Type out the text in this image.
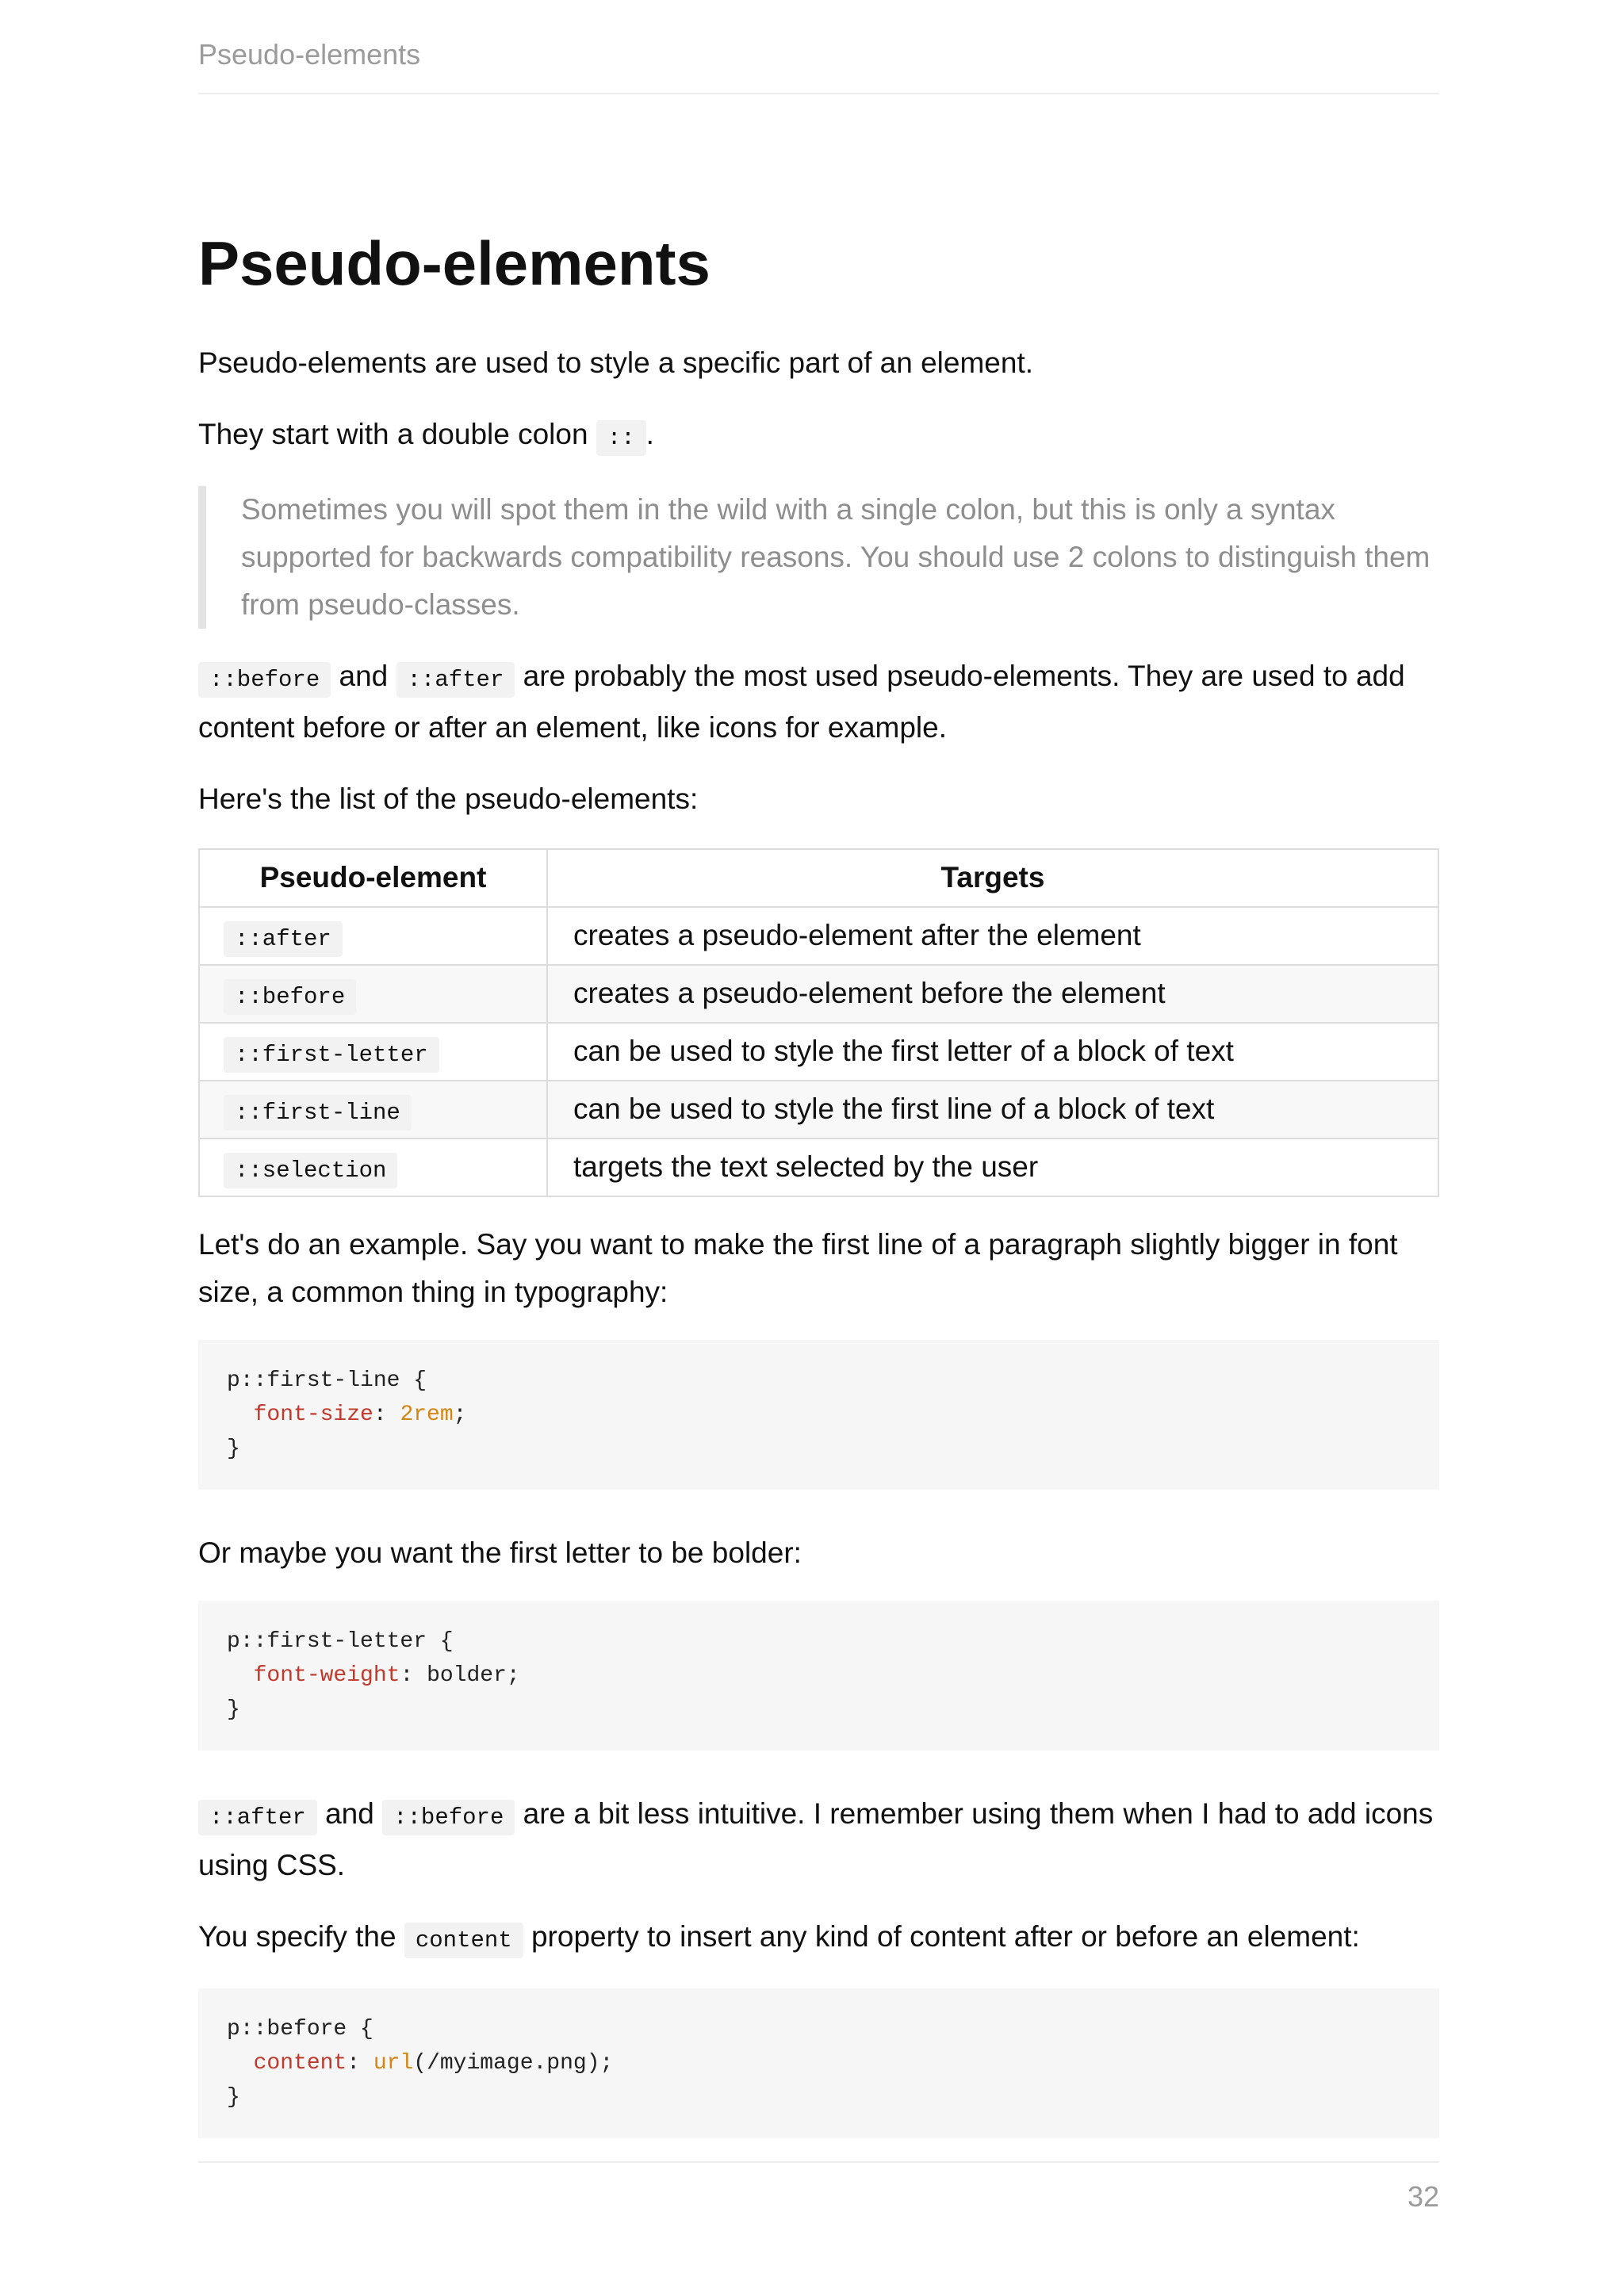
Pseudo-elements
Pseudo-elements

Pseudo-elements are used to style a specific part of an element.

They start with a double colon :: .

Sometimes you will spot them in the wild with a single colon, but this is only a syntax supported for backwards compatibility reasons. You should use 2 colons to distinguish them from pseudo-classes.

::before and ::after are probably the most used pseudo-elements. They are used to add content before or after an element, like icons for example.

Here's the list of the pseudo-elements:

Pseudo-element	Targets
::after	creates a pseudo-element after the element
::before	creates a pseudo-element before the element
::first-letter	can be used to style the first letter of a block of text
::first-line	can be used to style the first line of a block of text
::selection	targets the text selected by the user

Let's do an example. Say you want to make the first line of a paragraph slightly bigger in font size, a common thing in typography:

p::first-line {
font-size: 2rem;
}

Or maybe you want the first letter to be bolder:

p::first-letter {
font-weight: bolder;
}

::after and ::before are a bit less intuitive. I remember using them when I had to add icons using CSS.

You specify the content property to insert any kind of content after or before an element:

p::before {
content: url(/myimage.png);
}
32
